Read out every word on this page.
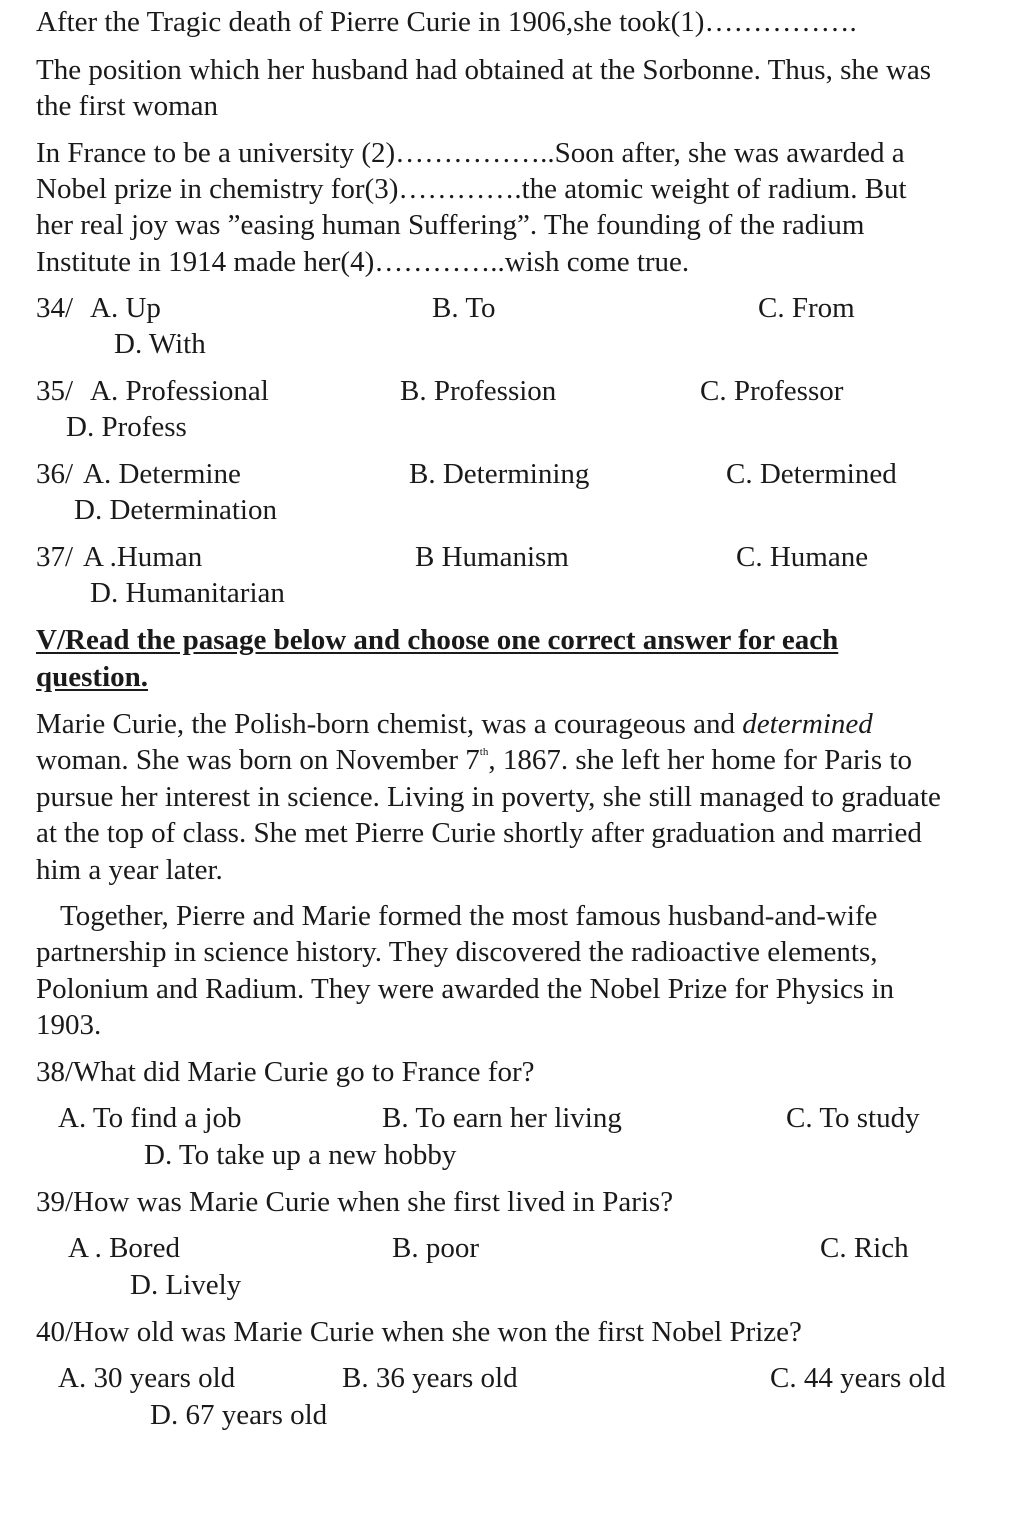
After the Tragic death of Pierre Curie in 1906,she took(1)…………….
The position which her husband had obtained at the Sorbonne. Thus, she was
the first woman
In France to be a university (2)……………..Soon after, she was awarded a
Nobel prize in chemistry for(3)………….the atomic weight of radium. But
her real joy was ”easing human Suffering”. The founding of the radium
Institute in 1914 made her(4)…………..wish come true.
34/ A. Up	B. To	C. From
D. With
35/ A. Professional	B. Profession	C. Professor
D. Profess
36/ A. Determine	B. Determining	C. Determined
D. Determination
37/ A .Human	B Humanism	C. Humane
D. Humanitarian
V/Read the pasage below and choose one correct answer for each
question.
Marie Curie, the Polish-born chemist, was a courageous and determined
woman. She was born on November 7th, 1867. she left her home for Paris to
pursue her interest in science. Living in poverty, she still managed to graduate
at the top of class. She met Pierre Curie shortly after graduation and married
him a year later.
Together, Pierre and Marie formed the most famous husband-and-wife
partnership in science history. They discovered the radioactive elements,
Polonium and Radium. They were awarded the Nobel Prize for Physics in
1903.
38/What did Marie Curie go to France for?
A. To find a job	B. To earn her living	C. To study
D. To take up a new hobby
39/How was Marie Curie when she first lived in Paris?
A . Bored	B. poor	C. Rich
D. Lively
40/How old was Marie Curie when she won the first Nobel Prize?
A. 30 years old	B. 36 years old	C. 44 years old
D. 67 years old
